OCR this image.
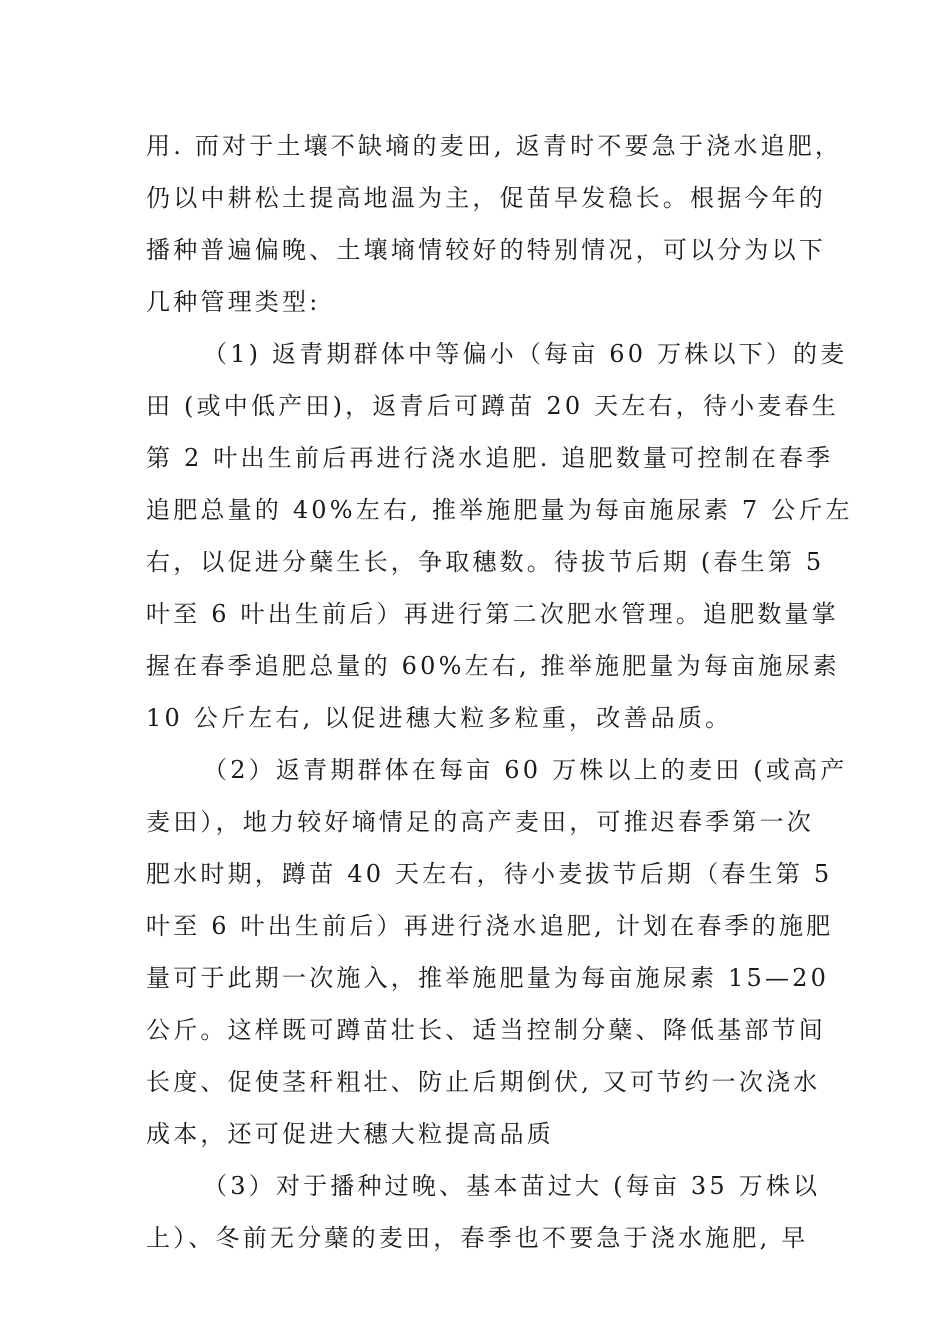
用. 而对于土壤不缺墒的麦田, 返青时不要急于浇水追肥，
仍以中耕松土提高地温为主，促苗早发稳长。根据今年的
播种普遍偏晚、土壤墒情较好的特别情况，可以分为以下
几种管理类型:
（1) 返青期群体中等偏小（每亩 60 万株以下）的麦
田 (或中低产田)，返青后可蹲苗 20 天左右，待小麦春生
第 2 叶出生前后再进行浇水追肥. 追肥数量可控制在春季
追肥总量的 40%左右, 推举施肥量为每亩施尿素 7 公斤左
右，以促进分蘖生长，争取穗数。待拔节后期 (春生第 5
叶至 6 叶出生前后）再进行第二次肥水管理。追肥数量掌
握在春季追肥总量的 60%左右, 推举施肥量为每亩施尿素
10 公斤左右, 以促进穗大粒多粒重，改善品质。
（2）返青期群体在每亩 60 万株以上的麦田 (或高产
麦田），地力较好墒情足的高产麦田，可推迟春季第一次
肥水时期，蹲苗 40 天左右，待小麦拔节后期（春生第 5
叶至 6 叶出生前后）再进行浇水追肥, 计划在春季的施肥
量可于此期一次施入，推举施肥量为每亩施尿素 15—20
公斤。这样既可蹲苗壮长、适当控制分蘖、降低基部节间
长度、促使茎秆粗壮、防止后期倒伏, 又可节约一次浇水
成本，还可促进大穗大粒提高品质
（3）对于播种过晚、基本苗过大 (每亩 35 万株以
上）、冬前无分蘖的麦田，春季也不要急于浇水施肥, 早
